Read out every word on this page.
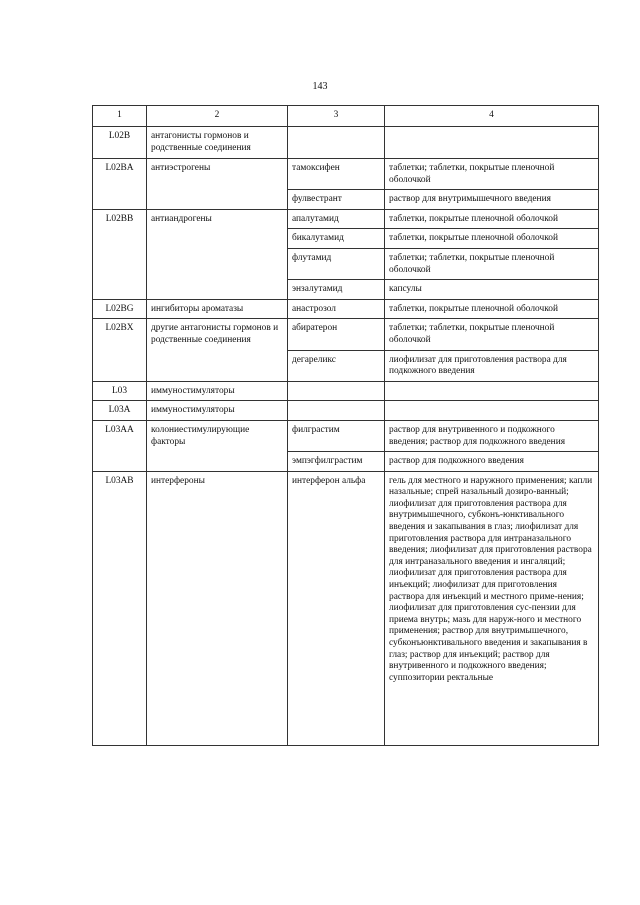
143
1	2	3	4
L02B	антагонисты гормонов и родственные соединения		
L02BA	антиэстрогены	тамоксифен	таблетки; таблетки, покрытые пленочной оболочкой
		фулвестрант	раствор для внутримышечного введения
L02BB	антиандрогены	апалутамид	таблетки, покрытые пленочной оболочкой
		бикалутамид	таблетки, покрытые пленочной оболочкой
		флутамид	таблетки; таблетки, покрытые пленочной оболочкой
		энзалутамид	капсулы
L02BG	ингибиторы ароматазы	анастрозол	таблетки, покрытые пленочной оболочкой
L02BX	другие антагонисты гормонов и родственные соединения	абиратерон	таблетки; таблетки, покрытые пленочной оболочкой
		дегареликс	лиофилизат для приготовления раствора для подкожного введения
L03	иммуностимуляторы		
L03A	иммуностимуляторы		
L03AA	колониестимулирующие факторы	филграстим	раствор для внутривенного и подкожного введения; раствор для подкожного введения
		эмпэгфилграстим	раствор для подкожного введения
L03AB	интерфероны	интерферон альфа	гель для местного и наружного применения; капли назальные; спрей назальный дозиро-ванный; лиофилизат для приготовления раствора для внутримышечного, субконъ-юнктивального введения и закапывания в глаз; лиофилизат для приготовления раствора для интраназального введения; лиофилизат для приготовления раствора для интраназального введения и ингаляций; лиофилизат для приготовления раствора для инъекций; лиофилизат для приготовления раствора для инъекций и местного приме-нения; лиофилизат для приготовления сус-пензии для приема внутрь; мазь для наруж-ного и местного применения; раствор для внутримышечного, субконъюнктивального введения и закапывания в глаз; раствор для инъекций; раствор для внутривенного и подкожного введения; суппозитории ректальные
